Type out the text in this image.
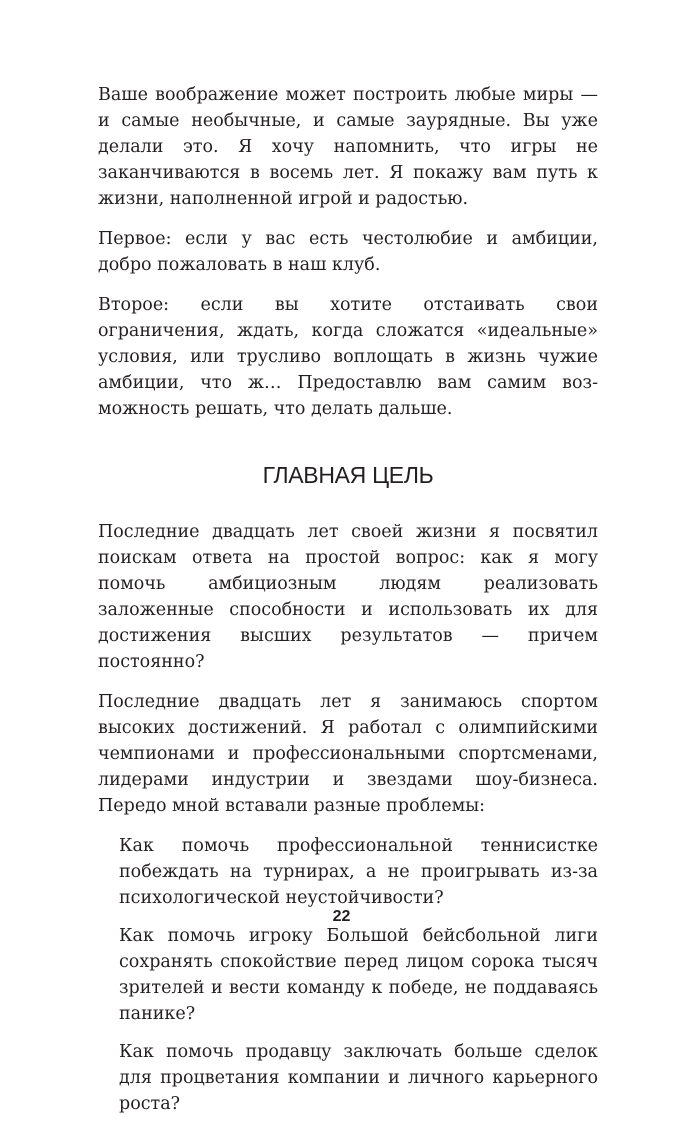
Ваше воображение может построить любые миры — и самые необычные, и самые заурядные. Вы уже делали это. Я хочу напомнить, что игры не заканчиваются в восемь лет. Я покажу вам путь к жизни, наполненной игрой и радостью.

Первое: если у вас есть честолюбие и амбиции, добро пожаловать в наш клуб.

Второе: если вы хотите отстаивать свои ограничения, ждать, когда сложатся «идеальные» условия, или трусливо воплощать в жизнь чужие амбиции, что ж… Предоставлю вам самим возможность решать, что делать дальше.

ГЛАВНАЯ ЦЕЛЬ

Последние двадцать лет своей жизни я посвятил поискам ответа на простой вопрос: как я могу помочь амбициозным людям реализовать заложенные способности и использовать их для достижения высших результатов — причем постоянно?

Последние двадцать лет я занимаюсь спортом высоких достижений. Я работал с олимпийскими чемпионами и профессиональными спортсменами, лидерами индустрии и звездами шоу-бизнеса. Передо мной вставали разные проблемы:

Как помочь профессиональной теннисистке побеждать на турнирах, а не проигрывать из-за психологической неустойчивости?

Как помочь игроку Большой бейсбольной лиги сохранять спокойствие перед лицом сорока тысяч зрителей и вести команду к победе, не поддаваясь панике?

Как помочь продавцу заключать больше сделок для процветания компании и личного карьерного роста?

22
